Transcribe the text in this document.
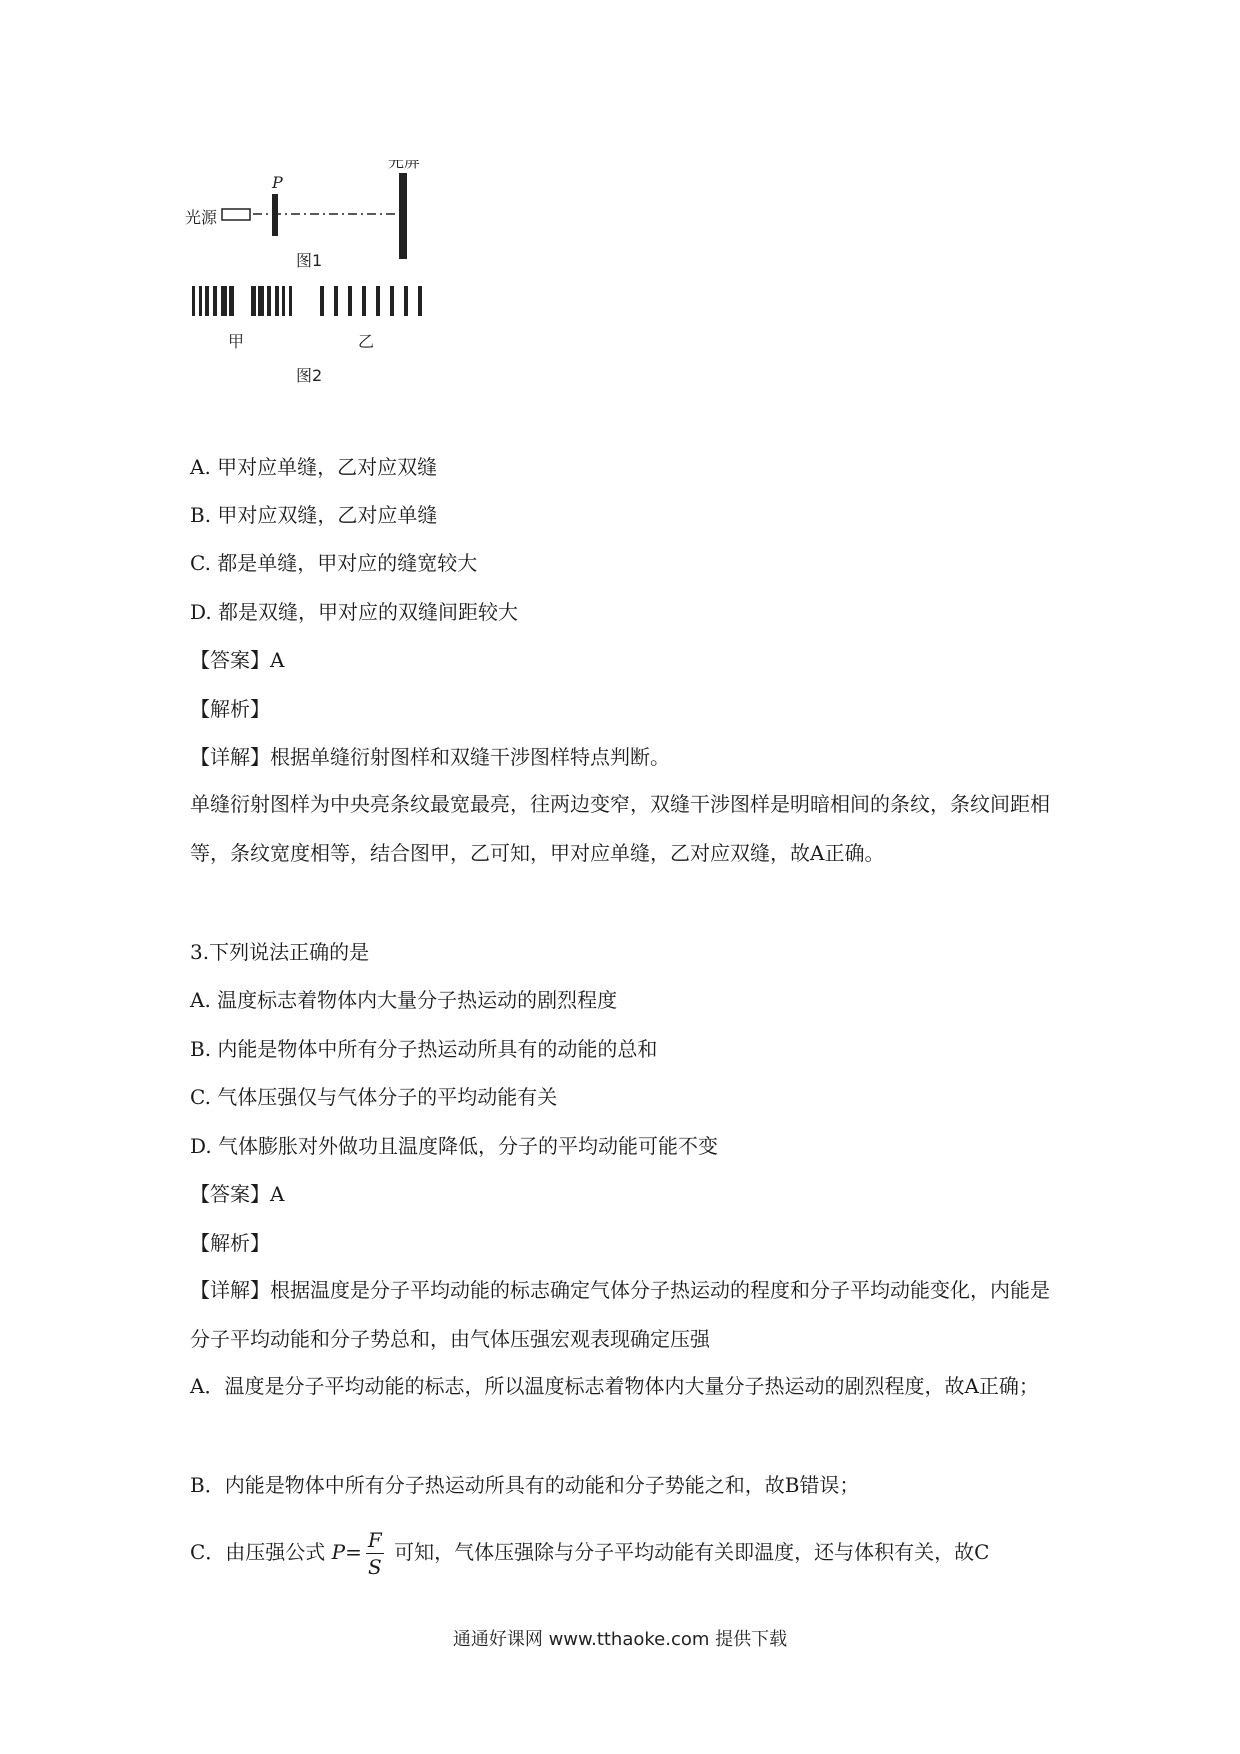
光源
P
光屏
图1
甲	乙
图2
A. 甲对应单缝，乙对应双缝
B. 甲对应双缝，乙对应单缝
C. 都是单缝，甲对应的缝宽较大
D. 都是双缝，甲对应的双缝间距较大
【答案】A
【解析】
【详解】根据单缝衍射图样和双缝干涉图样特点判断。
单缝衍射图样为中央亮条纹最宽最亮，往两边变窄，双缝干涉图样是明暗相间的条纹，条纹间距相等，条纹宽度相等，结合图甲，乙可知，甲对应单缝，乙对应双缝，故A正确。
3.下列说法正确的是
A. 温度标志着物体内大量分子热运动的剧烈程度
B. 内能是物体中所有分子热运动所具有的动能的总和
C. 气体压强仅与气体分子的平均动能有关
D. 气体膨胀对外做功且温度降低，分子的平均动能可能不变
【答案】A
【解析】
【详解】根据温度是分子平均动能的标志确定气体分子热运动的程度和分子平均动能变化，内能是分子平均动能和分子势总和，由气体压强宏观表现确定压强
A．温度是分子平均动能的标志，所以温度标志着物体内大量分子热运动的剧烈程度，故A正确；
B．内能是物体中所有分子热运动所具有的动能和分子势能之和，故B错误；
C．由压强公式 $P= \frac{F}{S}$ 可知，气体压强除与分子平均动能有关即温度，还与体积有关，故C
通通好课网 www.tthaoke.com 提供下载
